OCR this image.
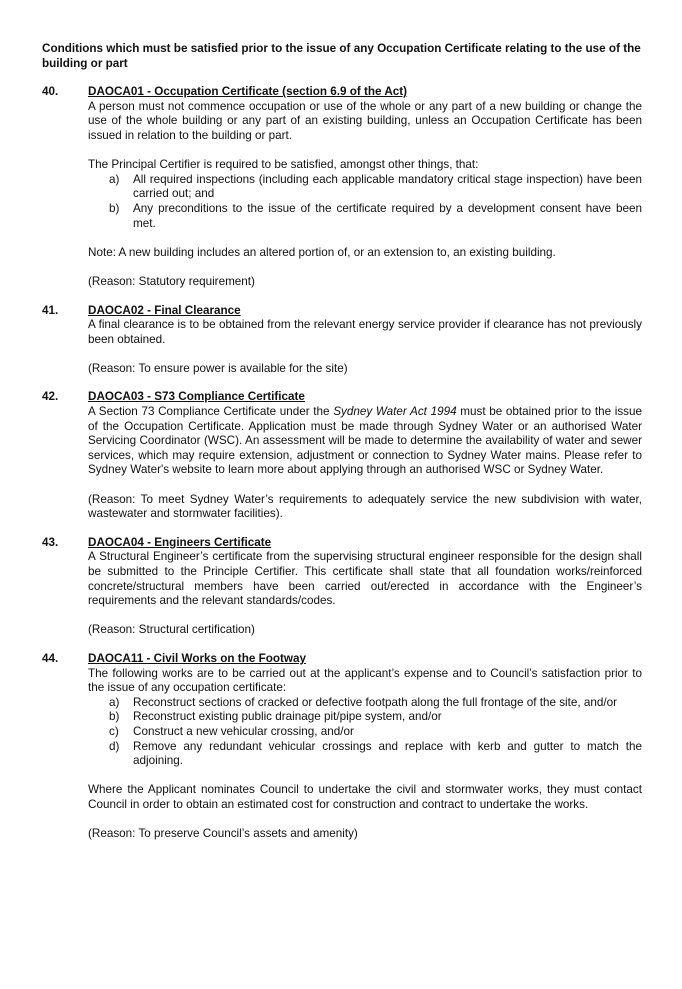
Conditions which must be satisfied prior to the issue of any Occupation Certificate relating to the use of the building or part

40.	DAOCA01 - Occupation Certificate (section 6.9 of the Act)

A person must not commence occupation or use of the whole or any part of a new building or change the use of the whole building or any part of an existing building, unless an Occupation Certificate has been issued in relation to the building or part.

The Principal Certifier is required to be satisfied, amongst other things, that:

a)	All required inspections (including each applicable mandatory critical stage inspection) have been carried out; and
b)	Any preconditions to the issue of the certificate required by a development consent have been met.

Note: A new building includes an altered portion of, or an extension to, an existing building.

(Reason: Statutory requirement)

41.	DAOCA02 - Final Clearance

A final clearance is to be obtained from the relevant energy service provider if clearance has not previously been obtained.

(Reason: To ensure power is available for the site)

42.	DAOCA03 - S73 Compliance Certificate

A Section 73 Compliance Certificate under the Sydney Water Act 1994 must be obtained prior to the issue of the Occupation Certificate. Application must be made through Sydney Water or an authorised Water Servicing Coordinator (WSC). An assessment will be made to determine the availability of water and sewer services, which may require extension, adjustment or connection to Sydney Water mains. Please refer to Sydney Water's website to learn more about applying through an authorised WSC or Sydney Water.

(Reason: To meet Sydney Water’s requirements to adequately service the new subdivision with water, wastewater and stormwater facilities).

43.	DAOCA04 - Engineers Certificate

A Structural Engineer’s certificate from the supervising structural engineer responsible for the design shall be submitted to the Principle Certifier. This certificate shall state that all foundation works/reinforced concrete/structural members have been carried out/erected in accordance with the Engineer’s requirements and the relevant standards/codes.

(Reason: Structural certification)

44.	DAOCA11 - Civil Works on the Footway

The following works are to be carried out at the applicant’s expense and to Council’s satisfaction prior to the issue of any occupation certificate:

a)	Reconstruct sections of cracked or defective footpath along the full frontage of the site, and/or
b)	Reconstruct existing public drainage pit/pipe system, and/or
c)	Construct a new vehicular crossing, and/or
d)	Remove any redundant vehicular crossings and replace with kerb and gutter to match the adjoining.

Where the Applicant nominates Council to undertake the civil and stormwater works, they must contact Council in order to obtain an estimated cost for construction and contract to undertake the works.

(Reason: To preserve Council’s assets and amenity)
